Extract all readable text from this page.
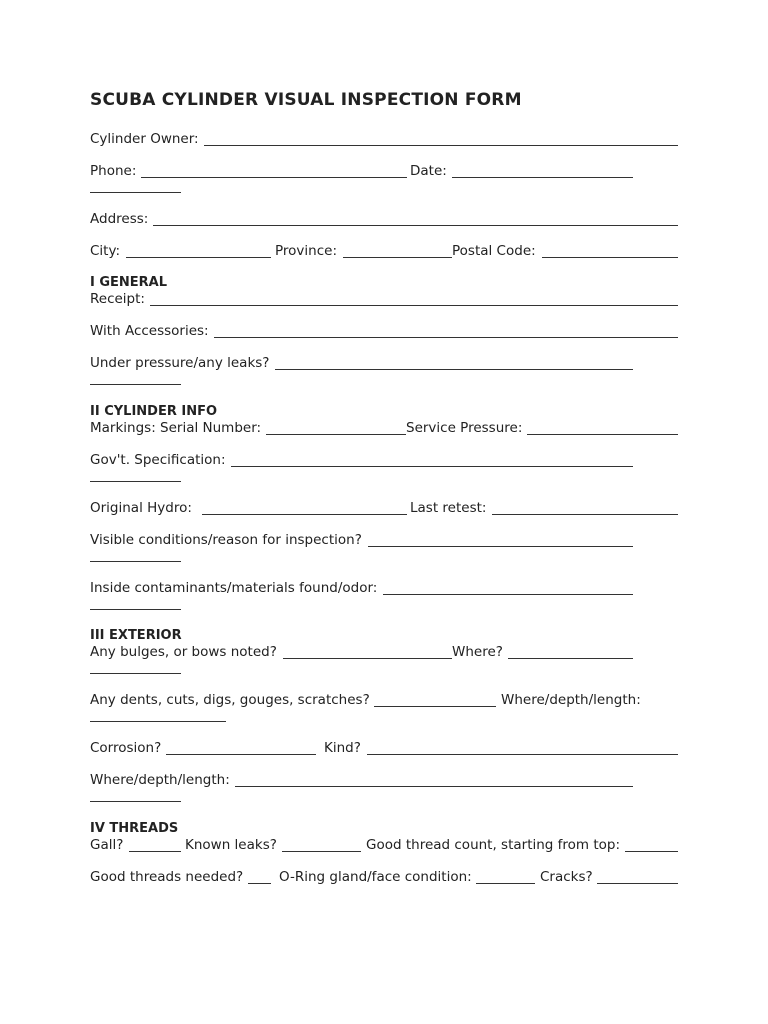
SCUBA CYLINDER VISUAL INSPECTION FORM
Cylinder Owner:
Phone:	Date:
Address:
City:	Province:	Postal Code:
I GENERAL
Receipt:
With Accessories:
Under pressure/any leaks?
II CYLINDER INFO
Markings: Serial Number:	Service Pressure:
Gov't. Specification:
Original Hydro:	Last retest:
Visible conditions/reason for inspection?
Inside contaminants/materials found/odor:
III EXTERIOR
Any bulges, or bows noted?	Where?
Any dents, cuts, digs, gouges, scratches?	Where/depth/length:
Corrosion?	Kind?
Where/depth/length:
IV THREADS
Gall?	Known leaks?	Good thread count, starting from top:
Good threads needed?	O-Ring gland/face condition:	Cracks?
